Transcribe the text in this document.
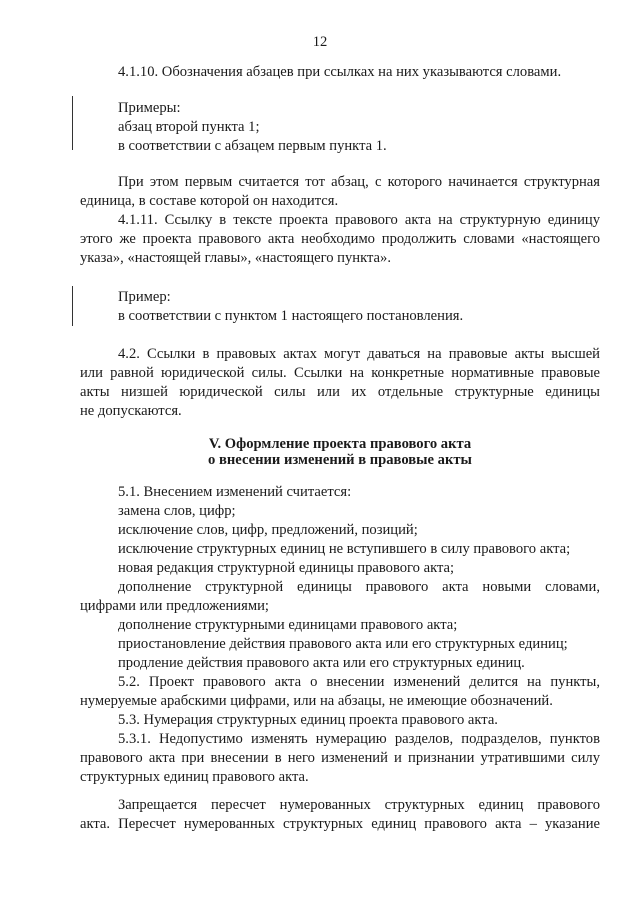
12
4.1.10. Обозначения абзацев при ссылках на них указываются словами.
Примеры:
абзац второй пункта 1;
в соответствии с абзацем первым пункта 1.
При этом первым считается тот абзац, с которого начинается структурная
единица, в составе которой он находится.
4.1.11. Ссылку в тексте проекта правового акта на структурную единицу
этого же проекта правового акта необходимо продолжить словами «настоящего
указа», «настоящей главы», «настоящего пункта».
Пример:
в соответствии с пунктом 1 настоящего постановления.
4.2. Ссылки в правовых актах могут даваться на правовые акты высшей
или равной юридической силы. Ссылки на конкретные нормативные правовые
акты низшей юридической силы или их отдельные структурные единицы
не допускаются.
V. Оформление проекта правового акта
о внесении изменений в правовые акты
5.1. Внесением изменений считается:
замена слов, цифр;
исключение слов, цифр, предложений, позиций;
исключение структурных единиц не вступившего в силу правового акта;
новая редакция структурной единицы правового акта;
дополнение структурной единицы правового акта новыми словами,
цифрами или предложениями;
дополнение структурными единицами правового акта;
приостановление действия правового акта или его структурных единиц;
продление действия правового акта или его структурных единиц.
5.2. Проект правового акта о внесении изменений делится на пункты,
нумеруемые арабскими цифрами, или на абзацы, не имеющие обозначений.
5.3. Нумерация структурных единиц проекта правового акта.
5.3.1. Недопустимо изменять нумерацию разделов, подразделов, пунктов
правового акта при внесении в него изменений и признании утратившими силу
структурных единиц правового акта.
Запрещается пересчет нумерованных структурных единиц правового
акта. Пересчет нумерованных структурных единиц правового акта – указание
